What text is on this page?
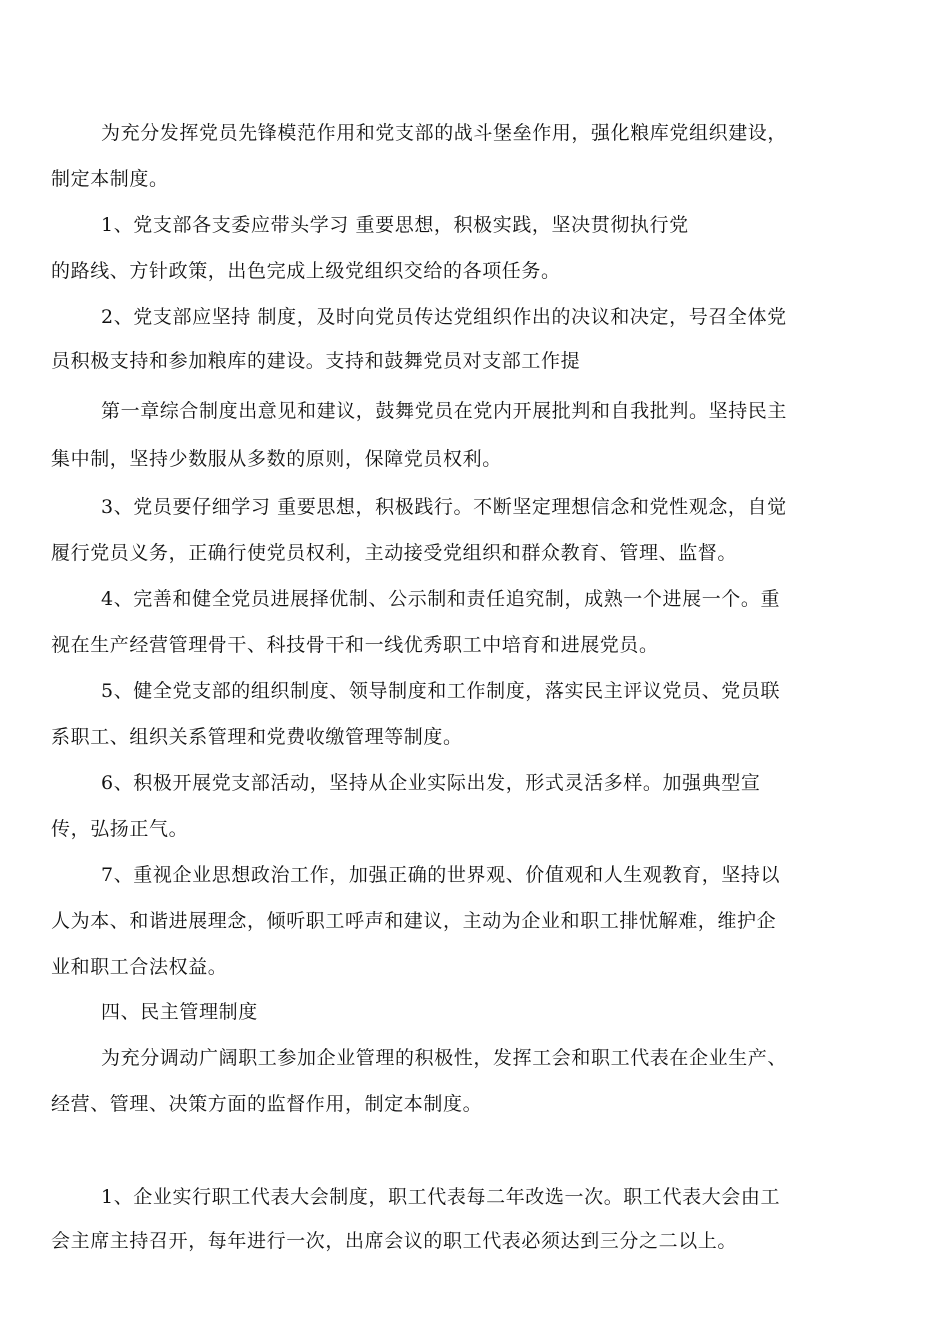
为充分发挥党员先锋模范作用和党支部的战斗堡垒作用，强化粮库党组织建设，
制定本制度。
1、党支部各支委应带头学习 重要思想，积极实践，坚决贯彻执行党
的路线、方针政策，出色完成上级党组织交给的各项任务。
2、党支部应坚持 制度，及时向党员传达党组织作出的决议和决定，号召全体党
员积极支持和参加粮库的建设。支持和鼓舞党员对支部工作提
第一章综合制度出意见和建议，鼓舞党员在党内开展批判和自我批判。坚持民主
集中制，坚持少数服从多数的原则，保障党员权利。
3、党员要仔细学习 重要思想，积极践行。不断坚定理想信念和党性观念，自觉
履行党员义务，正确行使党员权利，主动接受党组织和群众教育、管理、监督。
4、完善和健全党员进展择优制、公示制和责任追究制，成熟一个进展一个。重
视在生产经营管理骨干、科技骨干和一线优秀职工中培育和进展党员。
5、健全党支部的组织制度、领导制度和工作制度，落实民主评议党员、党员联
系职工、组织关系管理和党费收缴管理等制度。
6、积极开展党支部活动，坚持从企业实际出发，形式灵活多样。加强典型宣
传，弘扬正气。
7、重视企业思想政治工作，加强正确的世界观、价值观和人生观教育，坚持以
人为本、和谐进展理念，倾听职工呼声和建议，主动为企业和职工排忧解难，维护企
业和职工合法权益。
四、民主管理制度
为充分调动广阔职工参加企业管理的积极性，发挥工会和职工代表在企业生产、
经营、管理、决策方面的监督作用，制定本制度。
1、企业实行职工代表大会制度，职工代表每二年改选一次。职工代表大会由工
会主席主持召开，每年进行一次，出席会议的职工代表必须达到三分之二以上。
